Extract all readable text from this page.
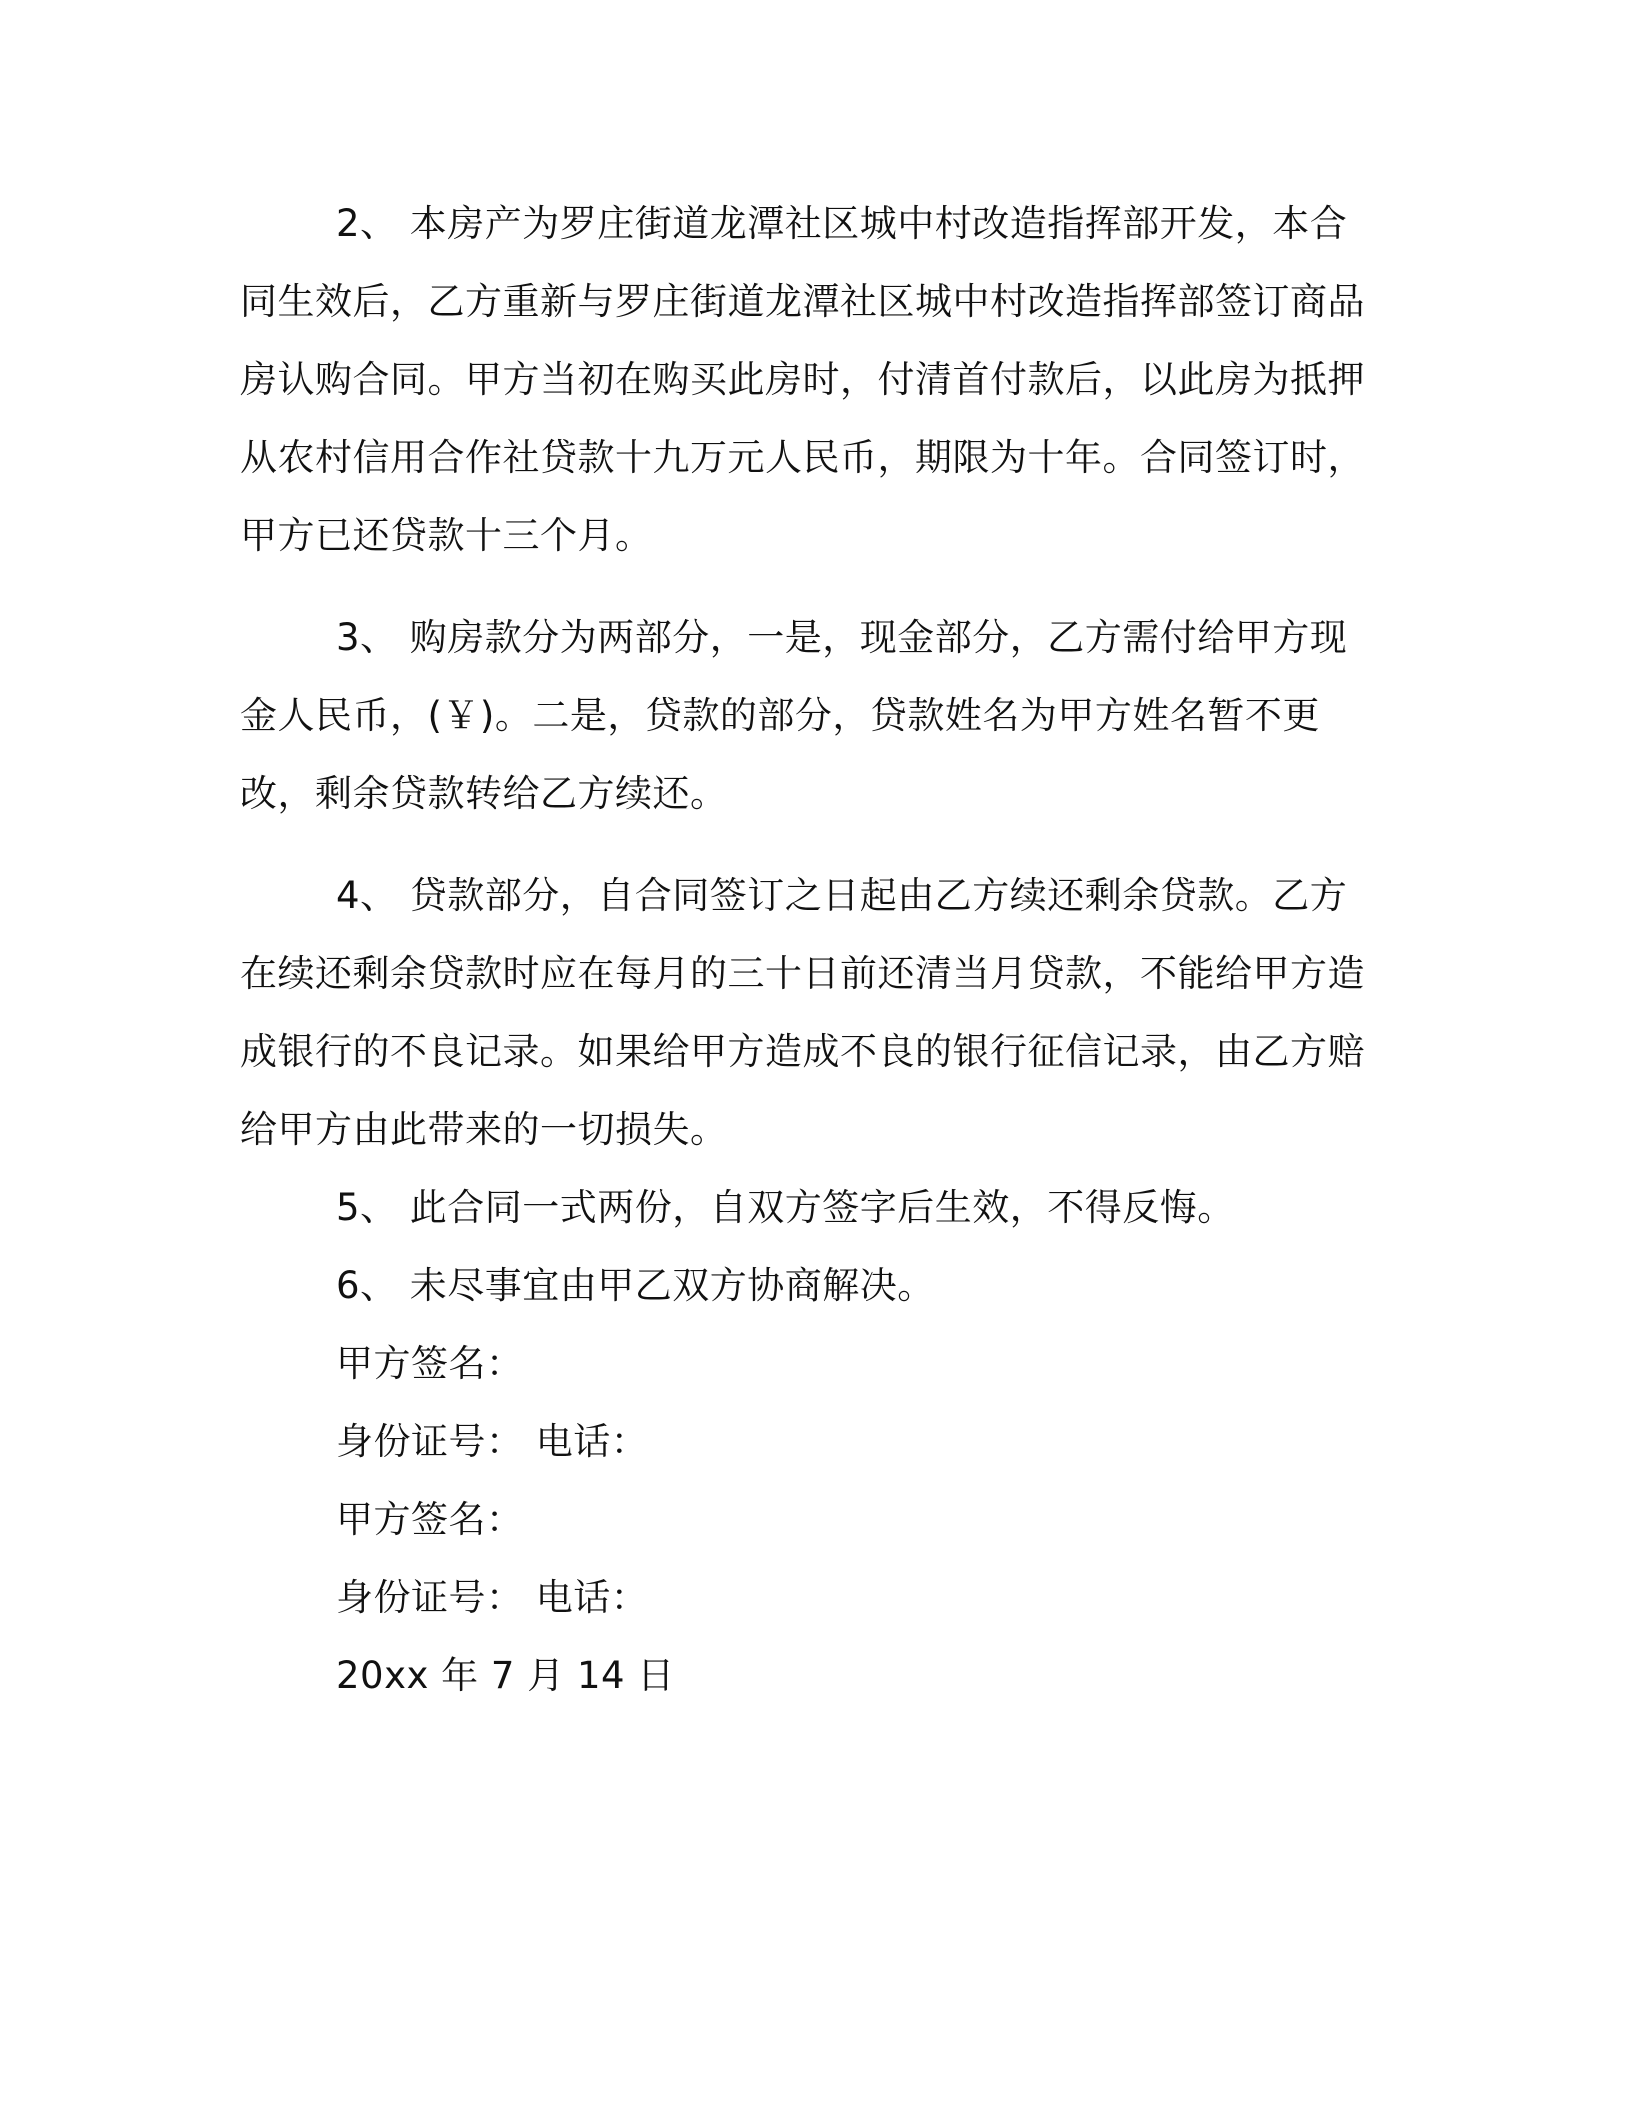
2、 本房产为罗庄街道龙潭社区城中村改造指挥部开发，本合同生效后，乙方重新与罗庄街道龙潭社区城中村改造指挥部签订商品房认购合同。甲方当初在购买此房时，付清首付款后，以此房为抵押从农村信用合作社贷款十九万元人民币，期限为十年。合同签订时，甲方已还贷款十三个月。

3、 购房款分为两部分，一是，现金部分，乙方需付给甲方现金人民币，(￥)。二是，贷款的部分，贷款姓名为甲方姓名暂不更改，剩余贷款转给乙方续还。

4、 贷款部分，自合同签订之日起由乙方续还剩余贷款。乙方在续还剩余贷款时应在每月的三十日前还清当月贷款，不能给甲方造成银行的不良记录。如果给甲方造成不良的银行征信记录，由乙方赔给甲方由此带来的一切损失。

5、 此合同一式两份，自双方签字后生效，不得反悔。

6、 未尽事宜由甲乙双方协商解决。

甲方签名：

身份证号： 电话：

甲方签名：

身份证号： 电话：

20xx 年 7 月 14 日
